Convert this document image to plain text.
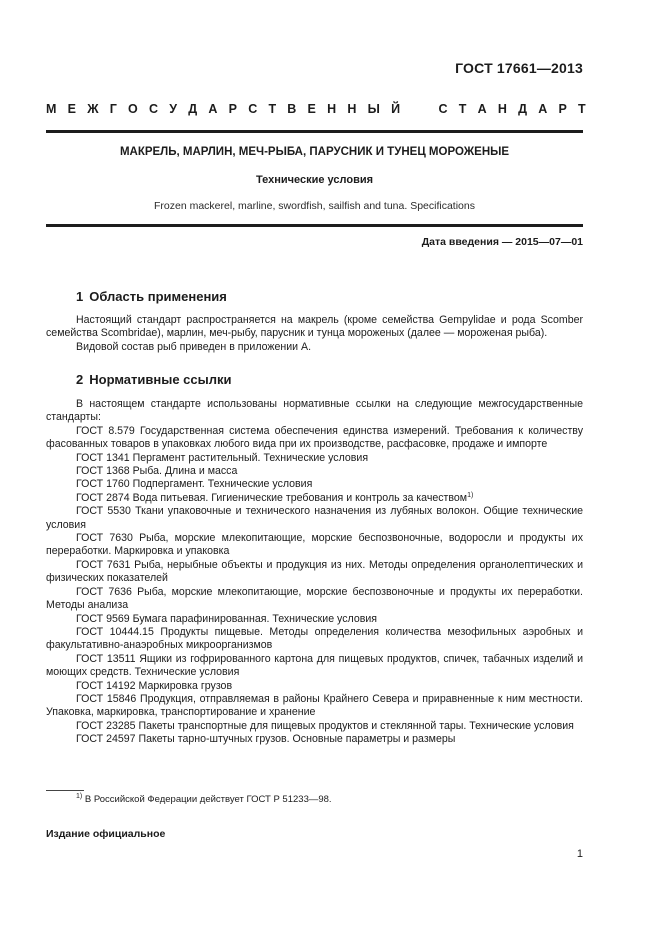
ГОСТ 17661—2013
М Е Ж Г О С У Д А Р С Т В Е Н Н Ы Й	С Т А Н Д А Р Т
МАКРЕЛЬ, МАРЛИН, МЕЧ-РЫБА, ПАРУСНИК И ТУНЕЦ МОРОЖЕНЫЕ
Технические условия
Frozen mackerel, marline, swordfish, sailfish and tuna. Specifications
Дата введения — 2015—07—01
1 Область применения

Настоящий стандарт распространяется на макрель (кроме семейства Gempylidae и рода Scomber семейства Scombridae), марлин, меч-рыбу, парусник и тунца мороженых (далее — мороженая рыба).

Видовой состав рыб приведен в приложении А.

2 Нормативные ссылки

В настоящем стандарте использованы нормативные ссылки на следующие межгосударственные стандарты:

ГОСТ 8.579 Государственная система обеспечения единства измерений. Требования к количеству фасованных товаров в упаковках любого вида при их производстве, расфасовке, продаже и импорте

ГОСТ 1341 Пергамент растительный. Технические условия

ГОСТ 1368 Рыба. Длина и масса

ГОСТ 1760 Подпергамент. Технические условия

ГОСТ 2874 Вода питьевая. Гигиенические требования и контроль за качеством$^{1)}$

ГОСТ 5530 Ткани упаковочные и технического назначения из лубяных волокон. Общие технические условия

ГОСТ 7630 Рыба, морские млекопитающие, морские беспозвоночные, водоросли и продукты их переработки. Маркировка и упаковка

ГОСТ 7631 Рыба, нерыбные объекты и продукция из них. Методы определения органолептических и физических показателей

ГОСТ 7636 Рыба, морские млекопитающие, морские беспозвоночные и продукты их переработки. Методы анализа

ГОСТ 9569 Бумага парафинированная. Технические условия

ГОСТ 10444.15 Продукты пищевые. Методы определения количества мезофильных аэробных и факультативно-анаэробных микроорганизмов

ГОСТ 13511 Ящики из гофрированного картона для пищевых продуктов, спичек, табачных изделий и моющих средств. Технические условия

ГОСТ 14192 Маркировка грузов

ГОСТ 15846 Продукция, отправляемая в районы Крайнего Севера и приравненные к ним местности. Упаковка, маркировка, транспортирование и хранение

ГОСТ 23285 Пакеты транспортные для пищевых продуктов и стеклянной тары. Технические условия

ГОСТ 24597 Пакеты тарно-штучных грузов. Основные параметры и размеры

$^{1)}$ В Российской Федерации действует ГОСТ Р 51233—98.
Издание официальное
1
